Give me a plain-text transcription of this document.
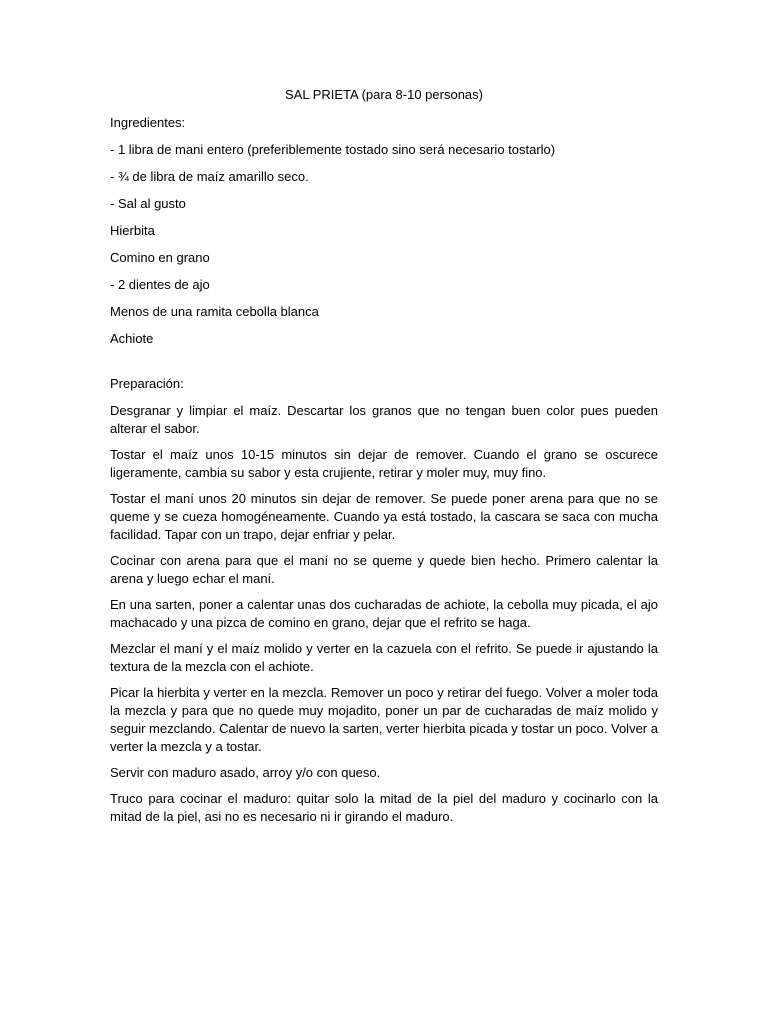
SAL PRIETA (para 8-10 personas)
Ingredientes:
- 1 libra de mani entero (preferiblemente tostado sino será necesario tostarlo)
- ¾ de libra de maíz amarillo seco.
- Sal al gusto
Hierbita
Comino en grano
- 2 dientes de ajo
Menos de una ramita cebolla blanca
Achiote
Preparación:

Desgranar y limpiar el maíz. Descartar los granos que no tengan buen color pues pueden alterar el sabor.

Tostar el maíz unos 10-15 minutos sin dejar de remover. Cuando el grano se oscurece ligeramente, cambia su sabor y esta crujiente, retirar y moler muy, muy fino.

Tostar el maní unos 20 minutos sin dejar de remover. Se puede poner arena para que no se queme y se cueza homogéneamente. Cuando ya está tostado, la cascara se saca con mucha facilidad. Tapar con un trapo, dejar enfriar y pelar.

Cocinar con arena para que el maní no se queme y quede bien hecho. Primero calentar la arena y luego echar el maní.

En una sarten, poner a calentar unas dos cucharadas de achiote, la cebolla muy picada, el ajo machacado y una pizca de comino en grano, dejar que el refrito se haga.

Mezclar el maní y el maíz molido y verter en la cazuela con el refrito. Se puede ir ajustando la textura de la mezcla con el achiote.

Picar la hierbita y verter en la mezcla. Remover un poco y retirar del fuego. Volver a moler toda la mezcla y para que no quede muy mojadito, poner un par de cucharadas de maíz molido y seguir mezclando. Calentar de nuevo la sarten, verter hierbita picada y tostar un poco. Volver a verter la mezcla y a tostar.

Servir con maduro asado, arroy y/o con queso.

Truco para cocinar el maduro: quitar solo la mitad de la piel del maduro y cocinarlo con la mitad de la piel, asi no es necesario ni ir girando el maduro.
